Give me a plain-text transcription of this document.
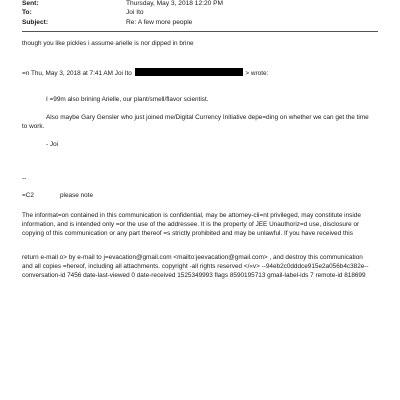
Sent:	Thursday, May 3, 2018 12:20 PM
To:	Joi Ito
Subject:	Re: A few more people
though you like pickles i assume arielle is nor dipped in brine
=n Thu, May 3, 2018 at 7:41 AM Joi Ito	> wrote:
I =99m also brining Arielle, our plant/smell/flavor scientist.
Also maybe Gary Gensler who just joined me/Digital Currency Initiative depe=ding on whether we can get the time to work.
- Joi
--
=C2	please note
The informat=on contained in this communication is confidential, may be attorney-cli=nt privileged, may constitute inside information, and is intended only =or the use of the addressee. It is the property of JEE Unauthoriz=d use, disclosure or copying of this communication or any part thereof =s strictly prohibited and may be unlawful. If you have received this
return e-mail o> by e-mail to j=evacation@gmail.com <mailto:jeevacation@gmail.com> , and destroy this communication and all copies =hereof, including all attachments. copyright -all rights reserved </«v> --94eb2c0dddce915e2a056b4c382e-- conversation-id 7456 date-last-viewed 0 date-received 1525349993 flags 8590195713 gmail-label-ids 7 remote-id 818699
